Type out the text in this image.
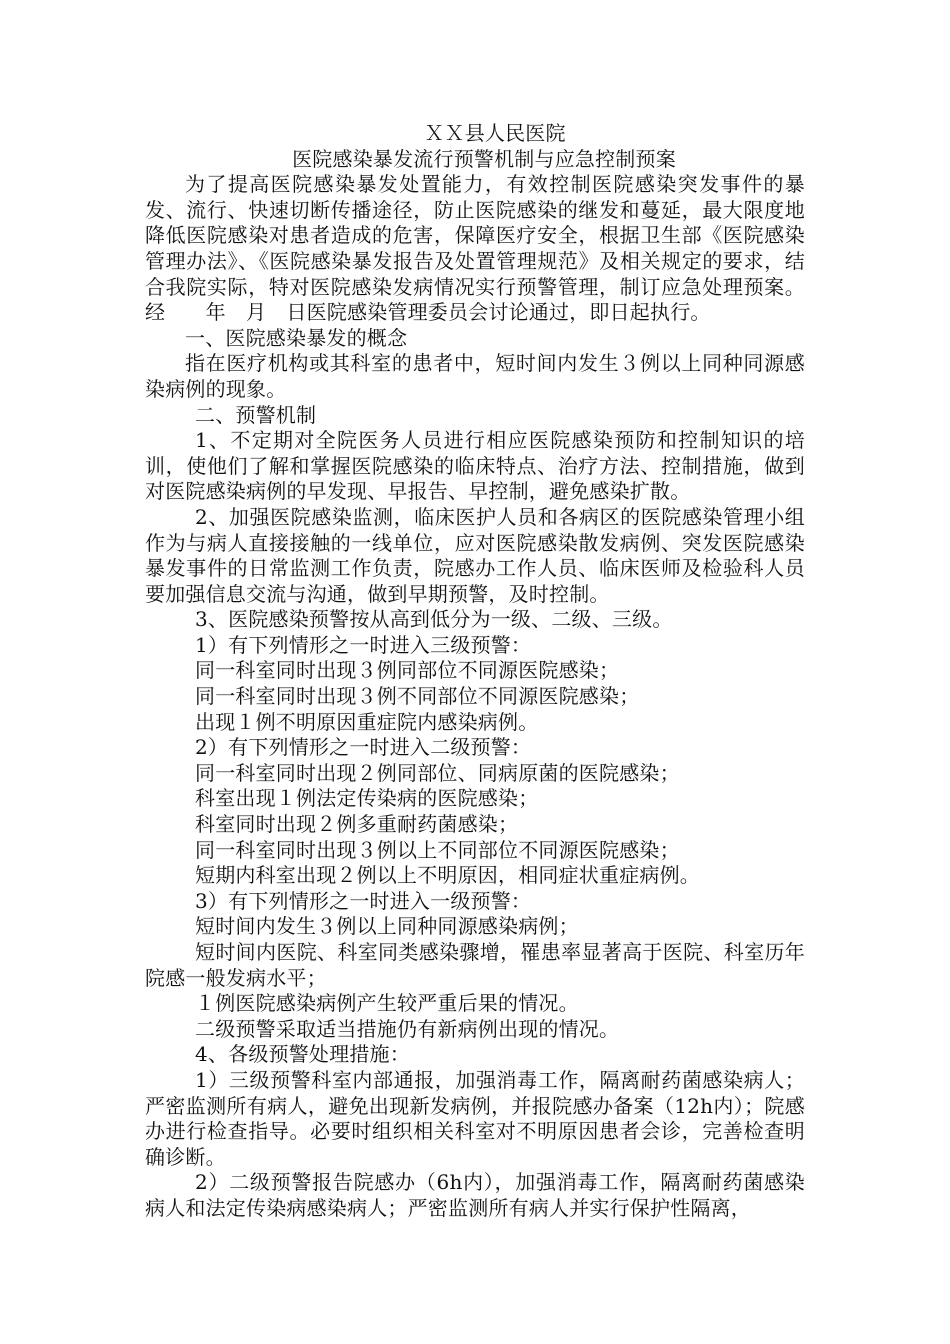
ＸＸ县人民医院
医院感染暴发流行预警机制与应急控制预案

为了提高医院感染暴发处置能力，有效控制医院感染突发事件的暴发、流行、快速切断传播途径，防止医院感染的继发和蔓延，最大限度地降低医院感染对患者造成的危害，保障医疗安全，根据卫生部《医院感染管理办法》、《医院感染暴发报告及处置管理规范》及相关规定的要求，结合我院实际，特对医院感染发病情况实行预警管理，制订应急处理预案。经　　年　月　日医院感染管理委员会讨论通过，即日起执行。

一、医院感染暴发的概念

指在医疗机构或其科室的患者中，短时间内发生３例以上同种同源感染病例的现象。

二、预警机制

1、不定期对全院医务人员进行相应医院感染预防和控制知识的培训，使他们了解和掌握医院感染的临床特点、治疗方法、控制措施，做到对医院感染病例的早发现、早报告、早控制，避免感染扩散。

2、加强医院感染监测，临床医护人员和各病区的医院感染管理小组作为与病人直接接触的一线单位，应对医院感染散发病例、突发医院感染暴发事件的日常监测工作负责，院感办工作人员、临床医师及检验科人员要加强信息交流与沟通，做到早期预警，及时控制。

3、医院感染预警按从高到低分为一级、二级、三级。

1）有下列情形之一时进入三级预警：

同一科室同时出现３例同部位不同源医院感染；

同一科室同时出现３例不同部位不同源医院感染；

出现１例不明原因重症院内感染病例。

2）有下列情形之一时进入二级预警：

同一科室同时出现２例同部位、同病原菌的医院感染；

科室出现１例法定传染病的医院感染；

科室同时出现２例多重耐药菌感染；

同一科室同时出现３例以上不同部位不同源医院感染；

短期内科室出现２例以上不明原因，相同症状重症病例。

3）有下列情形之一时进入一级预警：

短时间内发生３例以上同种同源感染病例；

短时间内医院、科室同类感染骤增，罹患率显著高于医院、科室历年院感一般发病水平；

１例医院感染病例产生较严重后果的情况。

二级预警采取适当措施仍有新病例出现的情况。

4、各级预警处理措施：

1）三级预警科室内部通报，加强消毒工作，隔离耐药菌感染病人；严密监测所有病人，避免出现新发病例，并报院感办备案（12h内）；院感办进行检查指导。必要时组织相关科室对不明原因患者会诊，完善检查明确诊断。

2）二级预警报告院感办（6h内），加强消毒工作，隔离耐药菌感染病人和法定传染病感染病人；严密监测所有病人并实行保护性隔离，
